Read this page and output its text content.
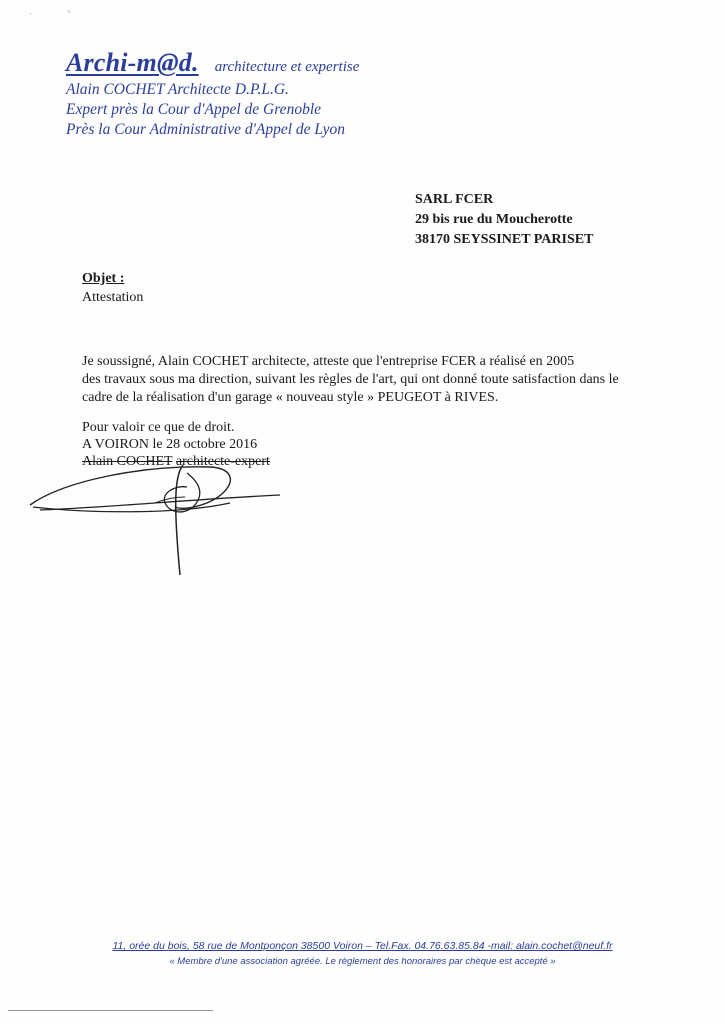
Archi-m@d. architecture et expertise
Alain COCHET Architecte D.P.L.G.
Expert près la Cour d'Appel de Grenoble
Près la Cour Administrative d'Appel de Lyon
SARL FCER
29 bis rue du Moucherotte
38170 SEYSSINET PARISET
Objet :
Attestation
Je soussigné, Alain COCHET architecte, atteste que l'entreprise FCER a réalisé en 2005
des travaux sous ma direction, suivant les règles de l'art, qui ont donné toute satisfaction dans le
cadre de la réalisation d'un garage « nouveau style » PEUGEOT à RIVES.
Pour valoir ce que de droit.
A VOIRON le 28 octobre 2016
Alain COCHET architecte-expert
11, orée du bois, 58 rue de Montponçon 38500 Voiron – Tel.Fax. 04.76.63.85.84 -mail: alain.cochet@neuf.fr
« Membre d'une association agréée. Le règlement des honoraires par chèque est accepté »
